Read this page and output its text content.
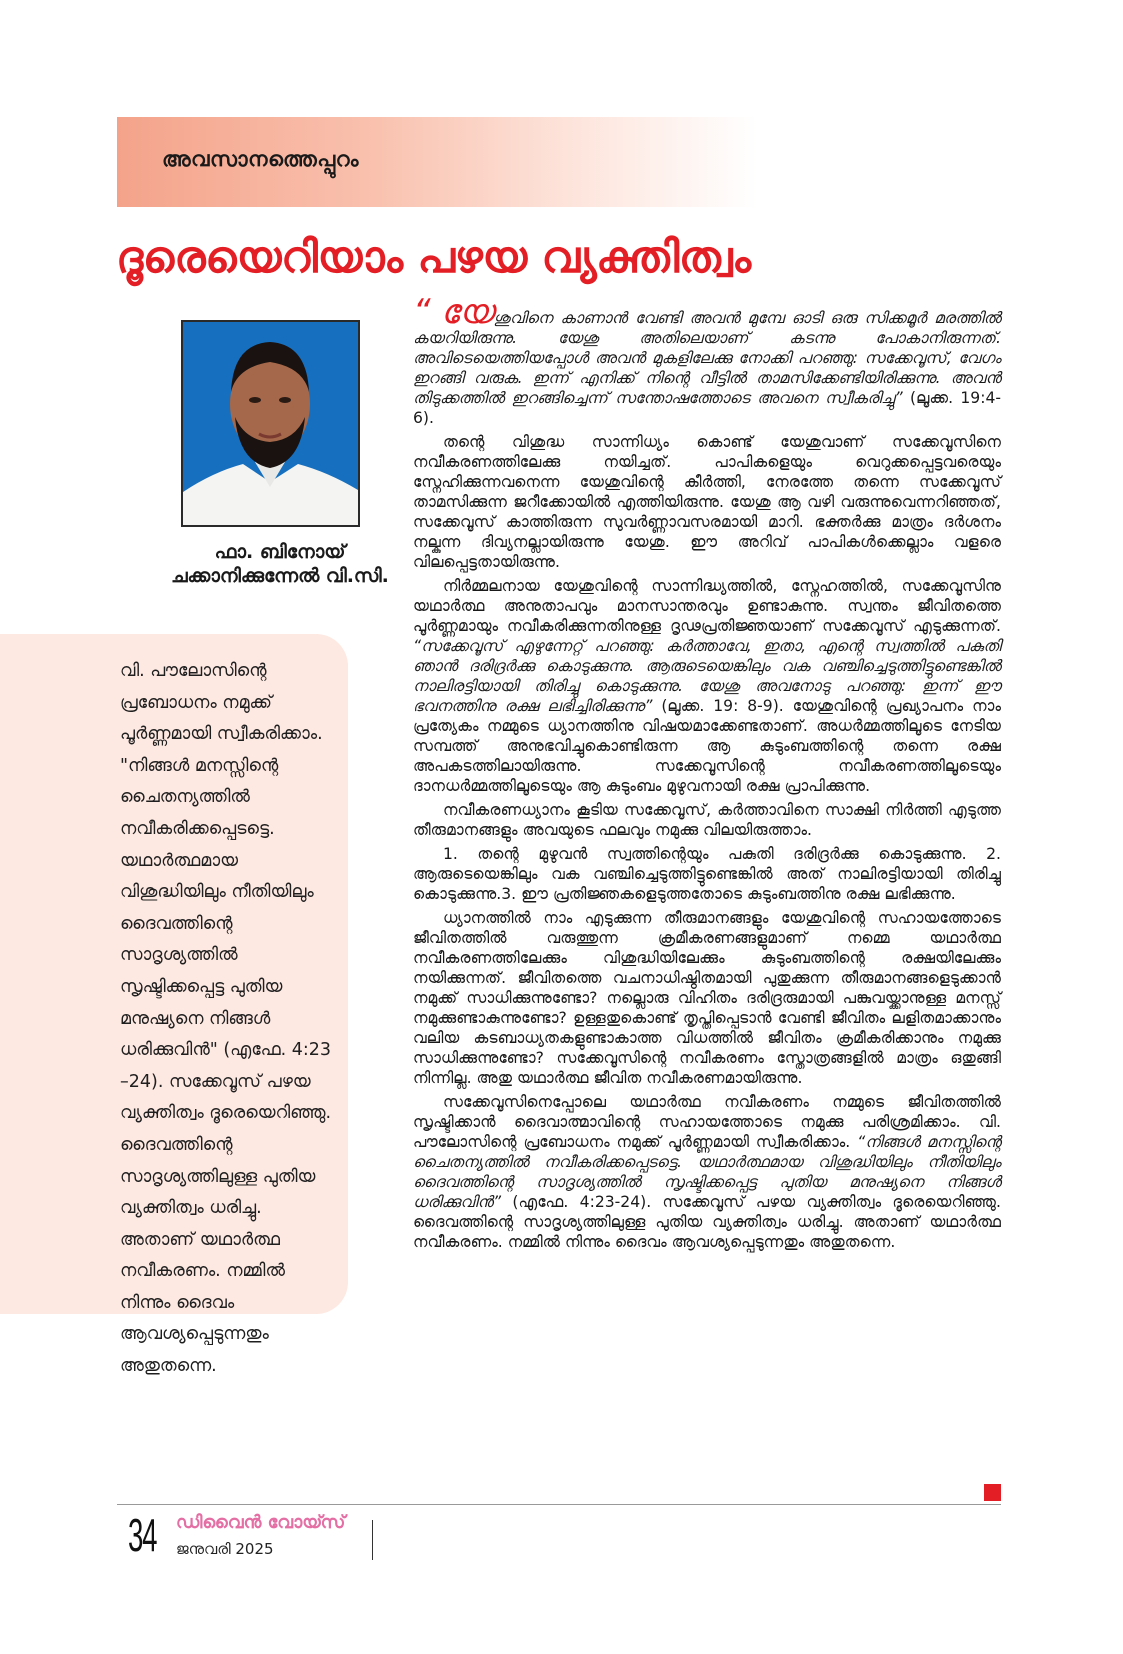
അവസാനത്തെപ്പുറം
ദൂരെയെറിയാം പഴയ വ്യക്തിത്വം
ഫാ. ബിനോയ്
ചക്കാനിക്കുന്നേൽ വി.സി.
വി. പൗലോസിന്റെ പ്രബോധനം നമുക്ക് പൂർണ്ണമായി സ്വീകരിക്കാം. "നിങ്ങൾ മനസ്സിന്റെ ചൈതന്യത്തിൽ നവീകരിക്കപ്പെടട്ടെ. യഥാർത്ഥമായ വിശുദ്ധിയിലും നീതിയിലും ദൈവത്തിന്റെ സാദൃശ്യത്തിൽ സൃഷ്ടിക്കപ്പെട്ട പുതിയ മനുഷ്യനെ നിങ്ങൾ ധരിക്കുവിൻ" (എഫേ. 4:23 –24). സക്കേവൂസ് പഴയ വ്യക്തിത്വം ദൂരെയെറിഞ്ഞു. ദൈവത്തിന്റെ സാദൃശ്യത്തിലുള്ള പുതിയ വ്യക്തിത്വം ധരിച്ചു. അതാണ് യഥാർത്ഥ നവീകരണം. നമ്മിൽ നിന്നും ദൈവം ആവശ്യപ്പെടുന്നതും അതുതന്നെ.

“ യേശുവിനെ കാണാൻ വേണ്ടി അവൻ മുമ്പേ ഓടി ഒരു സിക്കമൂർ മരത്തിൽ കയറിയിരുന്നു. യേശു അതിലെയാണ് കടന്നു പോകാനിരുന്നത്. അവിടെയെത്തിയപ്പോൾ അവൻ മുകളിലേക്കു നോക്കി പറഞ്ഞു: സക്കേവൂസ്, വേഗം ഇറങ്ങി വരുക. ഇന്ന് എനിക്ക് നിന്റെ വീട്ടിൽ താമസിക്കേണ്ടിയിരിക്കുന്നു. അവൻ തിടുക്കത്തിൽ ഇറങ്ങിച്ചെന്ന് സന്തോഷത്തോടെ അവനെ സ്വീകരിച്ചു” (ലൂക്ക. 19:4-6).

തന്റെ വിശുദ്ധ സാന്നിധ്യം കൊണ്ട് യേശുവാണ് സക്കേവൂസിനെ നവീകരണത്തിലേക്കു നയിച്ചത്. പാപികളെയും വെറുക്കപ്പെട്ടവരെയും സ്നേഹിക്കുന്നവനെന്ന യേശുവിന്റെ കീർത്തി, നേരത്തേ തന്നെ സക്കേവൂസ് താമസിക്കുന്ന ജറീക്കോയിൽ എത്തിയിരുന്നു. യേശു ആ വഴി വരുന്നുവെന്നറിഞ്ഞത്, സക്കേവൂസ് കാത്തിരുന്ന സുവർണ്ണാവസരമായി മാറി. ഭക്തർക്കു മാത്രം ദർശനം നല്കുന്ന ദിവ്യനല്ലായിരുന്നു യേശു. ഈ അറിവ് പാപികൾക്കെല്ലാം വളരെ വിലപ്പെട്ടതായിരുന്നു.

നിർമ്മലനായ യേശുവിന്റെ സാന്നിദ്ധ്യത്തിൽ, സ്നേഹത്തിൽ, സക്കേവൂസിനു യഥാർത്ഥ അനുതാപവും മാനസാന്തരവും ഉണ്ടാകുന്നു. സ്വന്തം ജീവിതത്തെ പൂർണ്ണമായും നവീകരിക്കുന്നതിനുള്ള ദൃഢപ്രതിജ്ഞയാണ് സക്കേവൂസ് എടുക്കുന്നത്. “സക്കേവൂസ് എഴുന്നേറ്റ് പറഞ്ഞു: കർത്താവേ, ഇതാ, എന്റെ സ്വത്തിൽ പകുതി ഞാൻ ദരിദ്രർക്കു കൊടുക്കുന്നു. ആരുടെയെങ്കിലും വക വഞ്ചിച്ചെടുത്തിട്ടുണ്ടെങ്കിൽ നാലിരട്ടിയായി തിരിച്ചു കൊടുക്കുന്നു. യേശു അവനോടു പറഞ്ഞു: ഇന്ന് ഈ ഭവനത്തിനു രക്ഷ ലഭിച്ചിരിക്കുന്നു” (ലൂക്ക. 19: 8-9). യേശുവിന്റെ പ്രഖ്യാപനം നാം പ്രത്യേകം നമ്മുടെ ധ്യാനത്തിനു വിഷയമാക്കേണ്ടതാണ്. അധർമ്മത്തിലൂടെ നേടിയ സമ്പത്ത് അനുഭവിച്ചുകൊണ്ടിരുന്ന ആ കുടുംബത്തിന്റെ തന്നെ രക്ഷ അപകടത്തിലായിരുന്നു. സക്കേവൂസിന്റെ നവീകരണത്തിലൂടെയും ദാനധർമ്മത്തിലൂടെയും ആ കുടുംബം മുഴുവനായി രക്ഷ പ്രാപിക്കുന്നു.

നവീകരണധ്യാനം കൂടിയ സക്കേവൂസ്, കർത്താവിനെ സാക്ഷി നിർത്തി എടുത്ത തീരുമാനങ്ങളും അവയുടെ ഫലവും നമുക്കു വിലയിരുത്താം.

1. തന്റെ മുഴുവൻ സ്വത്തിന്റെയും പകുതി ദരിദ്രർക്കു കൊടുക്കുന്നു. 2. ആരുടെയെങ്കിലും വക വഞ്ചിച്ചെടുത്തിട്ടുണ്ടെങ്കിൽ അത് നാലിരട്ടിയായി തിരിച്ചു കൊടുക്കുന്നു.3. ഈ പ്രതിജ്ഞകളെടുത്തതോടെ കുടുംബത്തിനു രക്ഷ ലഭിക്കുന്നു.

ധ്യാനത്തിൽ നാം എടുക്കുന്ന തീരുമാനങ്ങളും യേശുവിന്റെ സഹായത്തോടെ ജീവിതത്തിൽ വരുത്തുന്ന ക്രമീകരണങ്ങളുമാണ് നമ്മെ യഥാർത്ഥ നവീകരണത്തിലേക്കും വിശുദ്ധിയിലേക്കും കുടുംബത്തിന്റെ രക്ഷയിലേക്കും നയിക്കുന്നത്. ജീവിതത്തെ വചനാധിഷ്ഠിതമായി പുതുക്കുന്ന തീരുമാനങ്ങളെടുക്കാൻ നമുക്ക് സാധിക്കുന്നുണ്ടോ? നല്ലൊരു വിഹിതം ദരിദ്രരുമായി പങ്കുവയ്ക്കാനുള്ള മനസ്സ് നമുക്കുണ്ടാകുന്നുണ്ടോ? ഉള്ളതുകൊണ്ട് തൃപ്തിപ്പെടാൻ വേണ്ടി ജീവിതം ലളിതമാക്കാനും വലിയ കടബാധ്യതകളുണ്ടാകാത്ത വിധത്തിൽ ജീവിതം ക്രമീകരിക്കാനും നമുക്കു സാധിക്കുന്നുണ്ടോ? സക്കേവൂസിന്റെ നവീകരണം സ്തോത്രങ്ങളിൽ മാത്രം ഒതുങ്ങി നിന്നില്ല. അതു യഥാർത്ഥ ജീവിത നവീകരണമായിരുന്നു.

സക്കേവൂസിനെപ്പോലെ യഥാർത്ഥ നവീകരണം നമ്മുടെ ജീവിതത്തിൽ സൃഷ്ടിക്കാൻ ദൈവാത്മാവിന്റെ സഹായത്തോടെ നമുക്കു പരിശ്രമിക്കാം. വി. പൗലോസിന്റെ പ്രബോധനം നമുക്ക് പൂർണ്ണമായി സ്വീകരിക്കാം. “നിങ്ങൾ മനസ്സിന്റെ ചൈതന്യത്തിൽ നവീകരിക്കപ്പെടട്ടെ. യഥാർത്ഥമായ വിശുദ്ധിയിലും നീതിയിലും ദൈവത്തിന്റെ സാദൃശ്യത്തിൽ സൃഷ്ടിക്കപ്പെട്ട പുതിയ മനുഷ്യനെ നിങ്ങൾ ധരിക്കുവിൻ” (എഫേ. 4:23-24). സക്കേവൂസ് പഴയ വ്യക്തിത്വം ദൂരെയെറിഞ്ഞു. ദൈവത്തിന്റെ സാദൃശ്യത്തിലുള്ള പുതിയ വ്യക്തിത്വം ധരിച്ചു. അതാണ് യഥാർത്ഥ നവീകരണം. നമ്മിൽ നിന്നും ദൈവം ആവശ്യപ്പെടുന്നതും അതുതന്നെ.

34 ഡിവൈൻ വോയ്സ്
ജനുവരി 2025
